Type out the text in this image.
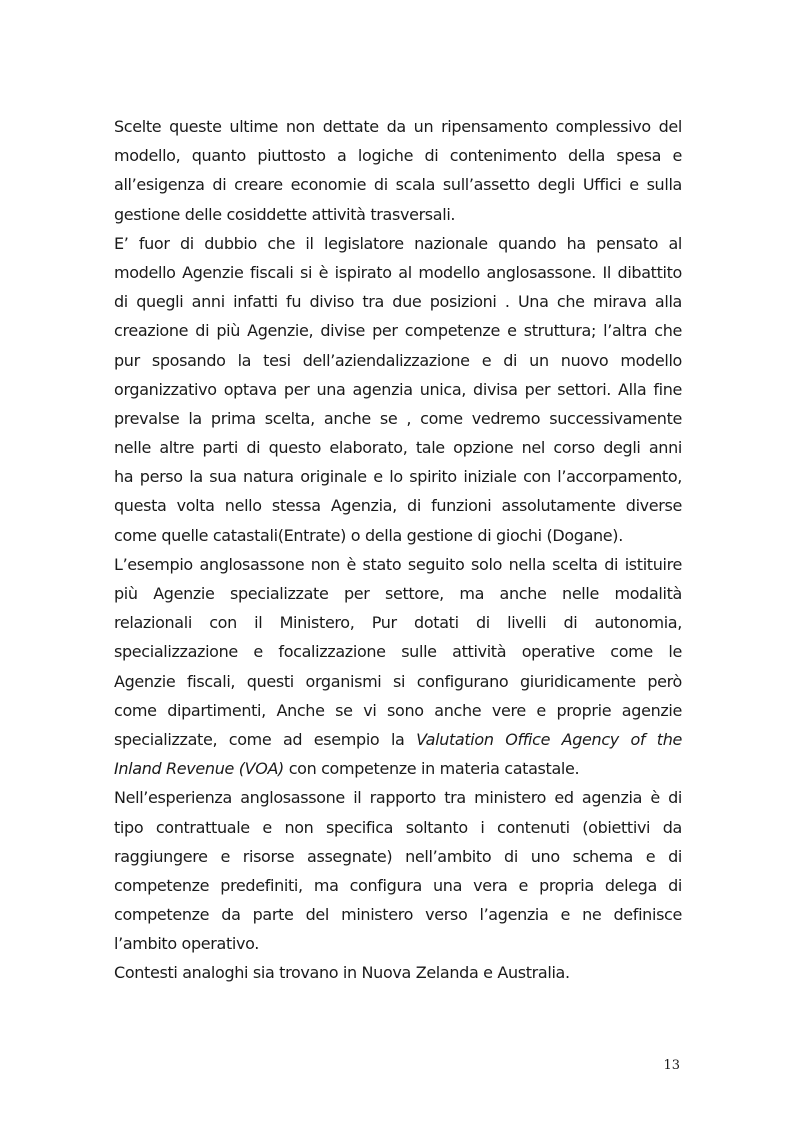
Scelte queste ultime non dettate da un ripensamento complessivo del
modello, quanto piuttosto a logiche di contenimento della spesa e
all’esigenza di creare economie di scala sull’assetto degli Uffici e sulla
gestione delle cosiddette attività trasversali.
E’ fuor di dubbio che il legislatore nazionale quando ha pensato al
modello Agenzie fiscali si è ispirato al modello anglosassone. Il dibattito
di quegli anni infatti fu diviso tra due posizioni . Una che mirava alla
creazione di più Agenzie, divise per competenze e struttura; l’altra che
pur sposando la tesi dell’aziendalizzazione e di un nuovo modello
organizzativo optava per una agenzia unica, divisa per settori. Alla fine
prevalse la prima scelta, anche se , come vedremo successivamente
nelle altre parti di questo elaborato, tale opzione nel corso degli anni
ha perso la sua natura originale e lo spirito iniziale con l’accorpamento,
questa volta nello stessa Agenzia, di funzioni assolutamente diverse
come quelle catastali(Entrate) o della gestione di giochi (Dogane).
L’esempio anglosassone non è stato seguito solo nella scelta di istituire
più Agenzie specializzate per settore, ma anche nelle modalità
relazionali con il Ministero, Pur dotati di livelli di autonomia,
specializzazione e focalizzazione sulle attività operative come le
Agenzie fiscali, questi organismi si configurano giuridicamente però
come dipartimenti, Anche se vi sono anche vere e proprie agenzie
specializzate, come ad esempio la Valutation Office Agency of the
Inland Revenue (VOA) con competenze in materia catastale.
Nell’esperienza anglosassone il rapporto tra ministero ed agenzia è di
tipo contrattuale e non specifica soltanto i contenuti (obiettivi da
raggiungere e risorse assegnate) nell’ambito di uno schema e di
competenze predefiniti, ma configura una vera e propria delega di
competenze da parte del ministero verso l’agenzia e ne definisce
l’ambito operativo.
Contesti analoghi sia trovano in Nuova Zelanda e Australia.
13
